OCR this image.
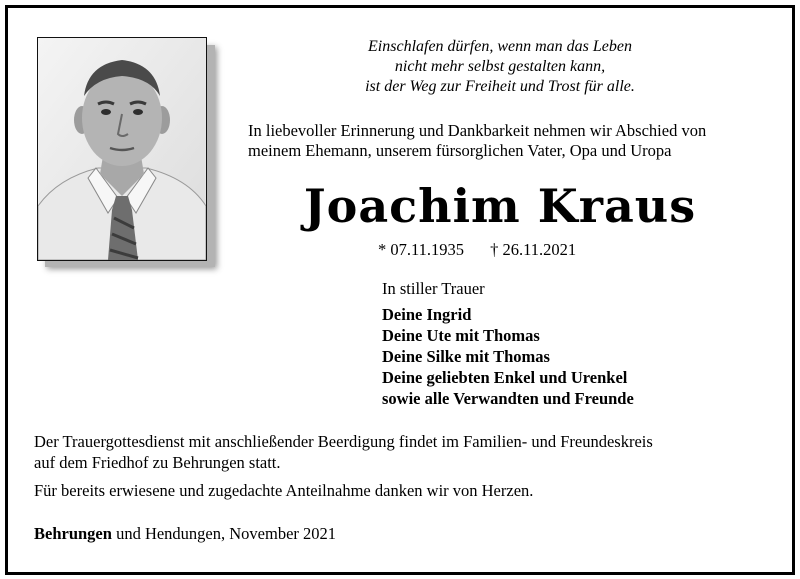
Einschlafen dürfen, wenn man das Leben
nicht mehr selbst gestalten kann,
ist der Weg zur Freiheit und Trost für alle.
In liebevoller Erinnerung und Dankbarkeit nehmen wir Abschied von
meinem Ehemann, unserem fürsorglichen Vater, Opa und Uropa
Joachim Kraus
* 07.11.1935 † 26.11.2021
In stiller Trauer
Deine Ingrid
Deine Ute mit Thomas
Deine Silke mit Thomas
Deine geliebten Enkel und Urenkel
sowie alle Verwandten und Freunde
Der Trauergottesdienst mit anschließender Beerdigung findet im Familien- und Freundeskreis
auf dem Friedhof zu Behrungen statt.
Für bereits erwiesene und zugedachte Anteilnahme danken wir von Herzen.
Behrungen und Hendungen, November 2021
